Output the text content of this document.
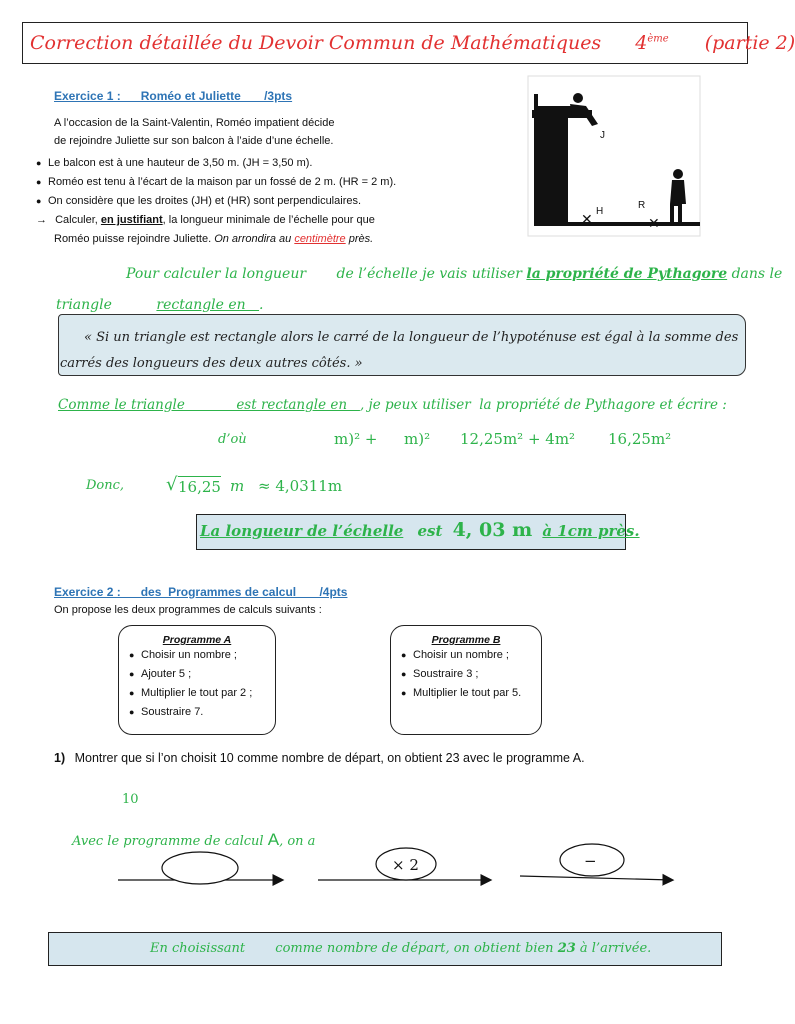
Correction détaillée du Devoir Commun de Mathématiques 4ème (partie 2)
Exercice 1 :      Roméo et Juliette       /3pts
A l’occasion de la Saint-Valentin, Roméo impatient décide
de rejoindre Juliette sur son balcon à l’aide d’une échelle.
● Le balcon est à une hauteur de 3,50 m. (JH = 3,50 m).
● Roméo est tenu à l’écart de la maison par un fossé de 2 m. (HR = 2 m).
● On considère que les droites (JH) et (HR) sont perpendiculaires.
→ Calculer, en justifiant, la longueur minimale de l’échelle pour que
Roméo puisse rejoindre Juliette. On arrondira au centimètre près.
✕	✕
J
H
R
Pour calculer la longueur de l’échelle je vais utiliser la propriété de Pythagore dans le
triangle	rectangle en   .
« Si un triangle est rectangle alors le carré de la longueur de l’hypoténuse est égal à la somme des
carrés des longueurs des deux autres côtés. »
Comme le triangle            est rectangle en   , je peux utiliser  la propriété de Pythagore et écrire :
d’où	m)² + m)² 12,25m² + 4m² 16,25m²
Donc, √ 16,25 m ≈ 4,0311m
La longueur de l’échelle est 4, 03 m à 1cm près.
Exercice 2 :      des  Programmes de calcul       /4pts
On propose les deux programmes de calculs suivants :
Programme A
● Choisir un nombre ;
● Ajouter 5 ;
● Multiplier le tout par 2 ;
● Soustraire 7.
Programme B
● Choisir un nombre ;
● Soustraire 3 ;
● Multiplier le tout par 5.
1) Montrer que si l’on choisit 10 comme nombre de départ, on obtient 23 avec le programme A.
10
Avec le programme de calcul A, on a
× 2	−
En choisissant comme nombre de départ, on obtient bien 23 à l’arrivée.
